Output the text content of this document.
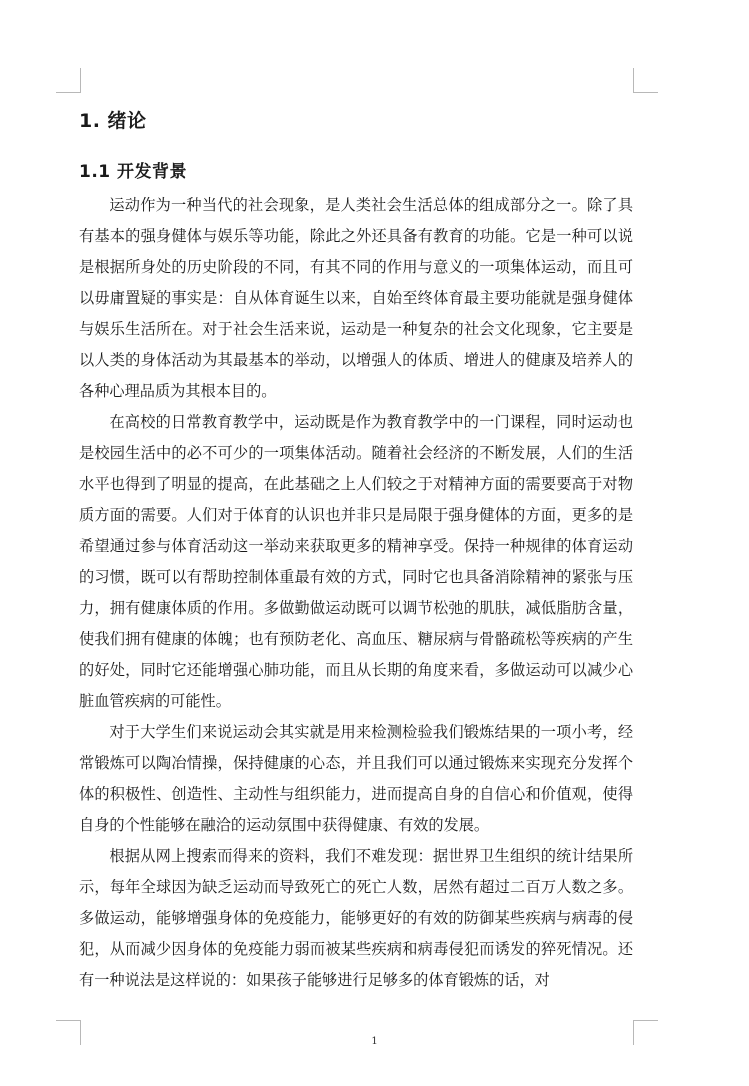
1. 绪论
1.1 开发背景

运动作为一种当代的社会现象，是人类社会生活总体的组成部分之一。除了具有基本的强身健体与娱乐等功能，除此之外还具备有教育的功能。它是一种可以说是根据所身处的历史阶段的不同，有其不同的作用与意义的一项集体运动，而且可以毋庸置疑的事实是：自从体育诞生以来，自始至终体育最主要功能就是强身健体与娱乐生活所在。对于社会生活来说，运动是一种复杂的社会文化现象，它主要是以人类的身体活动为其最基本的举动，以增强人的体质、增进人的健康及培养人的各种心理品质为其根本目的。

在高校的日常教育教学中，运动既是作为教育教学中的一门课程，同时运动也是校园生活中的必不可少的一项集体活动。随着社会经济的不断发展，人们的生活水平也得到了明显的提高，在此基础之上人们较之于对精神方面的需要要高于对物质方面的需要。人们对于体育的认识也并非只是局限于强身健体的方面，更多的是希望通过参与体育活动这一举动来获取更多的精神享受。保持一种规律的体育运动的习惯，既可以有帮助控制体重最有效的方式，同时它也具备消除精神的紧张与压力，拥有健康体质的作用。多做勤做运动既可以调节松弛的肌肤，减低脂肪含量，使我们拥有健康的体魄；也有预防老化、高血压、糖尿病与骨骼疏松等疾病的产生的好处，同时它还能增强心肺功能，而且从长期的角度来看，多做运动可以减少心脏血管疾病的可能性。

对于大学生们来说运动会其实就是用来检测检验我们锻炼结果的一项小考，经常锻炼可以陶冶情操，保持健康的心态，并且我们可以通过锻炼来实现充分发挥个体的积极性、创造性、主动性与组织能力，进而提高自身的自信心和价值观，使得自身的个性能够在融洽的运动氛围中获得健康、有效的发展。

根据从网上搜索而得来的资料，我们不难发现：据世界卫生组织的统计结果所示，每年全球因为缺乏运动而导致死亡的死亡人数，居然有超过二百万人数之多。多做运动，能够增强身体的免疫能力，能够更好的有效的防御某些疾病与病毒的侵犯，从而减少因身体的免疫能力弱而被某些疾病和病毒侵犯而诱发的猝死情况。还有一种说法是这样说的：如果孩子能够进行足够多的体育锻炼的话，对

1
